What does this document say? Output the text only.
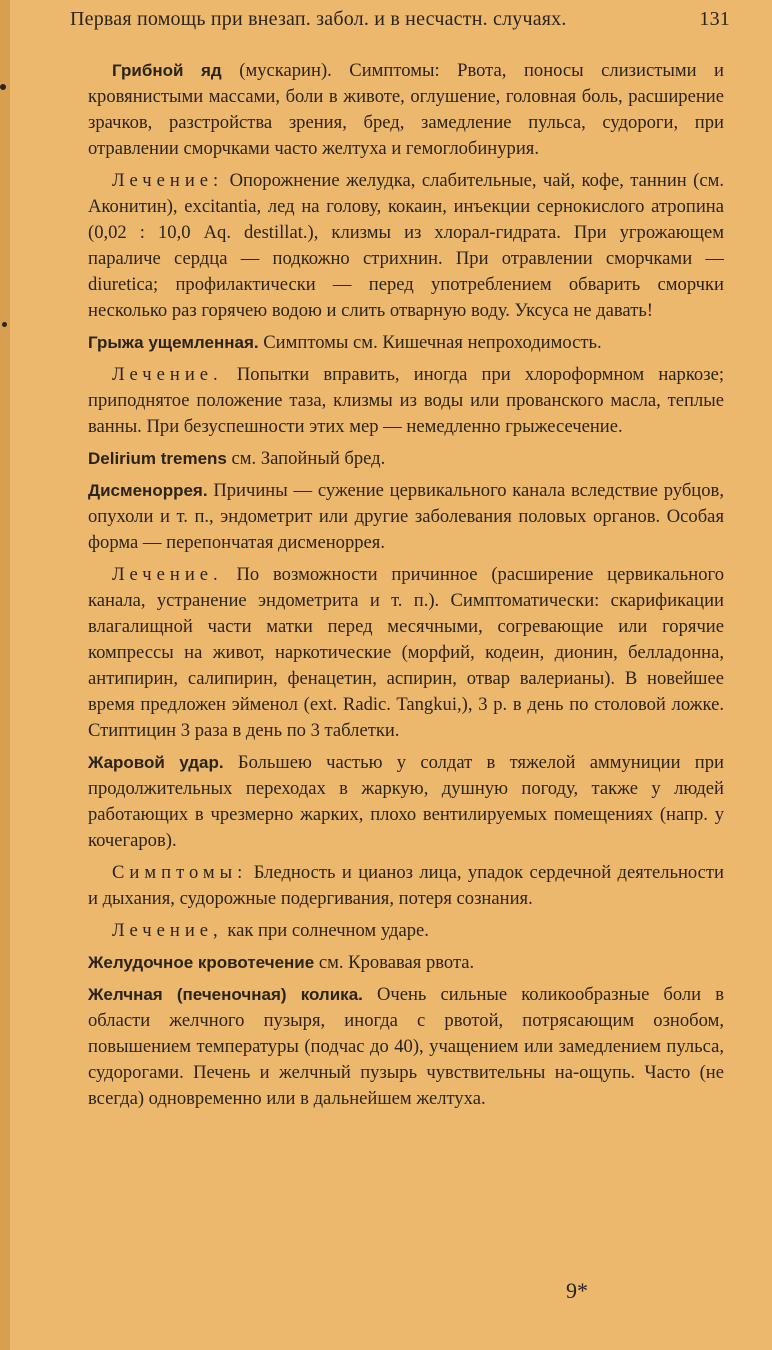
Первая помощь при внезап. забол. и в несчастн. случаях.	131

Грибной яд (мускарин). Симптомы: Рвота, поносы слизистыми и кровянистыми массами, боли в животе, оглушение, головная боль, расширение зрачков, разстройства зрения, бред, замедление пульса, судороги, при отравлении сморчками часто желтуха и гемоглобинурия.

Лечение: Опорожнение желудка, слабительные, чай, кофе, таннин (см. Аконитин), excitantia, лед на голову, кокаин, инъекции сернокислого атропина (0,02 : 10,0 Aq. destillat.), клизмы из хлорал-гидрата. При угрожающем параличе сердца — подкожно стрихнин. При отравлении сморчками — diuretica; профилактически — перед употреблением обварить сморчки несколько раз горячею водою и слить отварную воду. Уксуса не давать!

Грыжа ущемленная. Симптомы см. Кишечная непроходимость.

Лечение. Попытки вправить, иногда при хлороформном наркозе; приподнятое положение таза, клизмы из воды или прованского масла, теплые ванны. При безуспешности этих мер — немедленно грыжесечение.

Delirium tremens см. Запойный бред.

Дисменоррея. Причины — сужение цервикального канала вследствие рубцов, опухоли и т. п., эндометрит или другие заболевания половых органов. Особая форма — перепончатая дисменоррея.

Лечение. По возможности причинное (расширение цервикального канала, устранение эндометрита и т. п.). Симптоматически: скарификации влагалищной части матки перед месячными, согревающие или горячие компрессы на живот, наркотические (морфий, кодеин, дионин, белладонна, антипирин, салипирин, фенацетин, аспирин, отвар валерианы). В новейшее время предложен эйменол (ext. Radic. Tangkui,), 3 р. в день по столовой ложке. Стиптицин 3 раза в день по 3 таблетки.

Жаровой удар. Большею частью у солдат в тяжелой аммуниции при продолжительных переходах в жаркую, душную погоду, также у людей работающих в чрезмерно жарких, плохо вентилируемых помещениях (напр. у кочегаров).

Симптомы: Бледность и цианоз лица, упадок сердечной деятельности и дыхания, судорожные подергивания, потеря сознания.

Лечение, как при солнечном ударе.

Желудочное кровотечение см. Кровавая рвота.

Желчная (печеночная) колика. Очень сильные коликообразные боли в области желчного пузыря, иногда с рвотой, потрясающим ознобом, повышением температуры (подчас до 40), учащением или замедлением пульса, судорогами. Печень и желчный пузырь чувствительны на-ощупь. Часто (не всегда) одновременно или в дальнейшем желтуха.

9*
